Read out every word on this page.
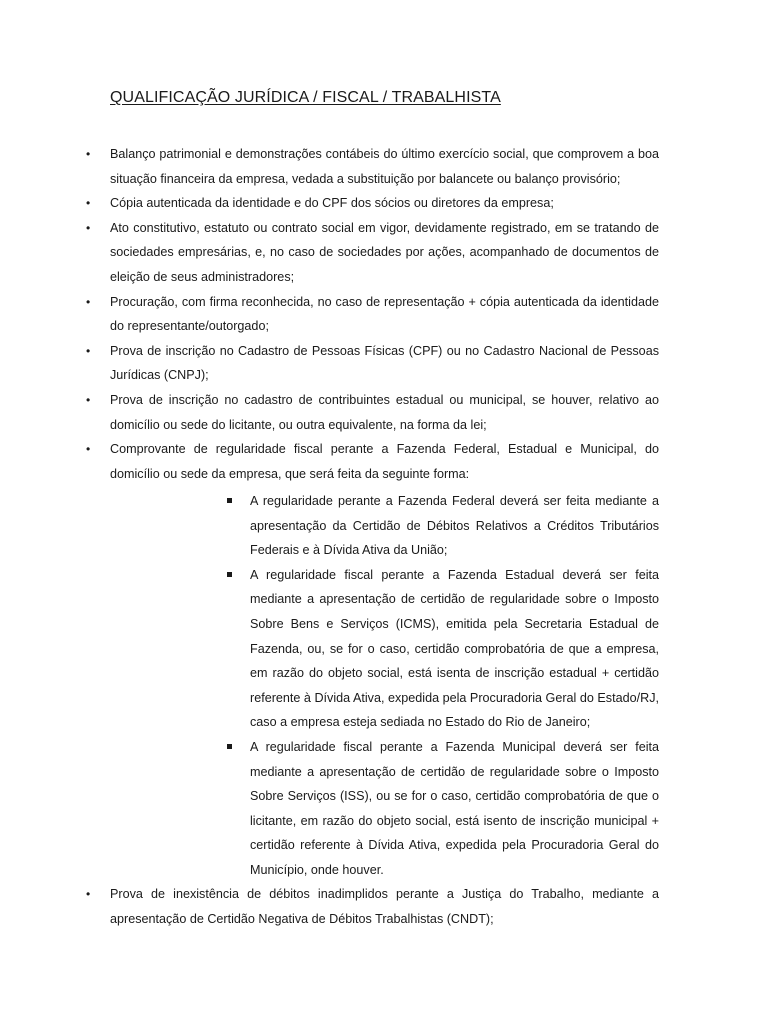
QUALIFICAÇÃO JURÍDICA / FISCAL / TRABALHISTA
• Balanço patrimonial e demonstrações contábeis do último exercício social, que comprovem a boa situação financeira da empresa, vedada a substituição por balancete ou balanço provisório;
• Cópia autenticada da identidade e do CPF dos sócios ou diretores da empresa;
• Ato constitutivo, estatuto ou contrato social em vigor, devidamente registrado, em se tratando de sociedades empresárias, e, no caso de sociedades por ações, acompanhado de documentos de eleição de seus administradores;
• Procuração, com firma reconhecida, no caso de representação + cópia autenticada da identidade do representante/outorgado;
• Prova de inscrição no Cadastro de Pessoas Físicas (CPF) ou no Cadastro Nacional de Pessoas Jurídicas (CNPJ);
• Prova de inscrição no cadastro de contribuintes estadual ou municipal, se houver, relativo ao domicílio ou sede do licitante, ou outra equivalente, na forma da lei;
• Comprovante de regularidade fiscal perante a Fazenda Federal, Estadual e Municipal, do domicílio ou sede da empresa, que será feita da seguinte forma:
A regularidade perante a Fazenda Federal deverá ser feita mediante a apresentação da Certidão de Débitos Relativos a Créditos Tributários Federais e à Dívida Ativa da União;
A regularidade fiscal perante a Fazenda Estadual deverá ser feita mediante a apresentação de certidão de regularidade sobre o Imposto Sobre Bens e Serviços (ICMS), emitida pela Secretaria Estadual de Fazenda, ou, se for o caso, certidão comprobatória de que a empresa, em razão do objeto social, está isenta de inscrição estadual + certidão referente à Dívida Ativa, expedida pela Procuradoria Geral do Estado/RJ, caso a empresa esteja sediada no Estado do Rio de Janeiro;
A regularidade fiscal perante a Fazenda Municipal deverá ser feita mediante a apresentação de certidão de regularidade sobre o Imposto Sobre Serviços (ISS), ou se for o caso, certidão comprobatória de que o licitante, em razão do objeto social, está isento de inscrição municipal + certidão referente à Dívida Ativa, expedida pela Procuradoria Geral do Município, onde houver.
• Prova de inexistência de débitos inadimplidos perante a Justiça do Trabalho, mediante a apresentação de Certidão Negativa de Débitos Trabalhistas (CNDT);
